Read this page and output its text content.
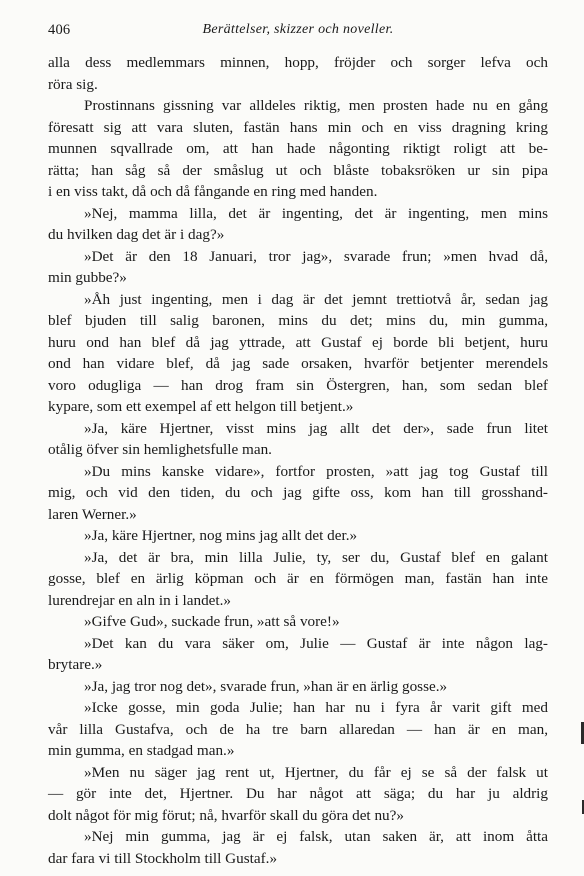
406	Berättelser, skizzer och noveller.

alla dess medlemmars minnen, hopp, fröjder och sorger lefva och

röra sig.

Prostinnans gissning var alldeles riktig, men prosten hade nu en gång

föresatt sig att vara sluten, fastän hans min och en viss dragning kring

munnen sqvallrade om, att han hade någonting riktigt roligt att be-

rätta; han såg så der småslug ut och blåste tobaksröken ur sin pipa

i en viss takt, då och då fångande en ring med handen.

»Nej, mamma lilla, det är ingenting, det är ingenting, men mins

du hvilken dag det är i dag?»

»Det är den 18 Januari, tror jag», svarade frun; »men hvad då,

min gubbe?»

»Åh just ingenting, men i dag är det jemnt trettiotvå år, sedan jag

blef bjuden till salig baronen, mins du det; mins du, min gumma,

huru ond han blef då jag yttrade, att Gustaf ej borde bli betjent, huru

ond han vidare blef, då jag sade orsaken, hvarför betjenter merendels

voro odugliga — han drog fram sin Östergren, han, som sedan blef

kypare, som ett exempel af ett helgon till betjent.»

»Ja, käre Hjertner, visst mins jag allt det der», sade frun litet

otålig öfver sin hemlighetsfulle man.

»Du mins kanske vidare», fortfor prosten, »att jag tog Gustaf till

mig, och vid den tiden, du och jag gifte oss, kom han till grosshand-

laren Werner.»

»Ja, käre Hjertner, nog mins jag allt det der.»

»Ja, det är bra, min lilla Julie, ty, ser du, Gustaf blef en galant

gosse, blef en ärlig köpman och är en förmögen man, fastän han inte

lurendrejar en aln in i landet.»

»Gifve Gud», suckade frun, »att så vore!»

»Det kan du vara säker om, Julie — Gustaf är inte någon lag-

brytare.»

»Ja, jag tror nog det», svarade frun, »han är en ärlig gosse.»

»Icke gosse, min goda Julie; han har nu i fyra år varit gift med

vår lilla Gustafva, och de ha tre barn allaredan — han är en man,

min gumma, en stadgad man.»

»Men nu säger jag rent ut, Hjertner, du får ej se så der falsk ut

— gör inte det, Hjertner. Du har något att säga; du har ju aldrig

dolt något för mig förut; nå, hvarför skall du göra det nu?»

»Nej min gumma, jag är ej falsk, utan saken är, att inom åtta

dar fara vi till Stockholm till Gustaf.»
